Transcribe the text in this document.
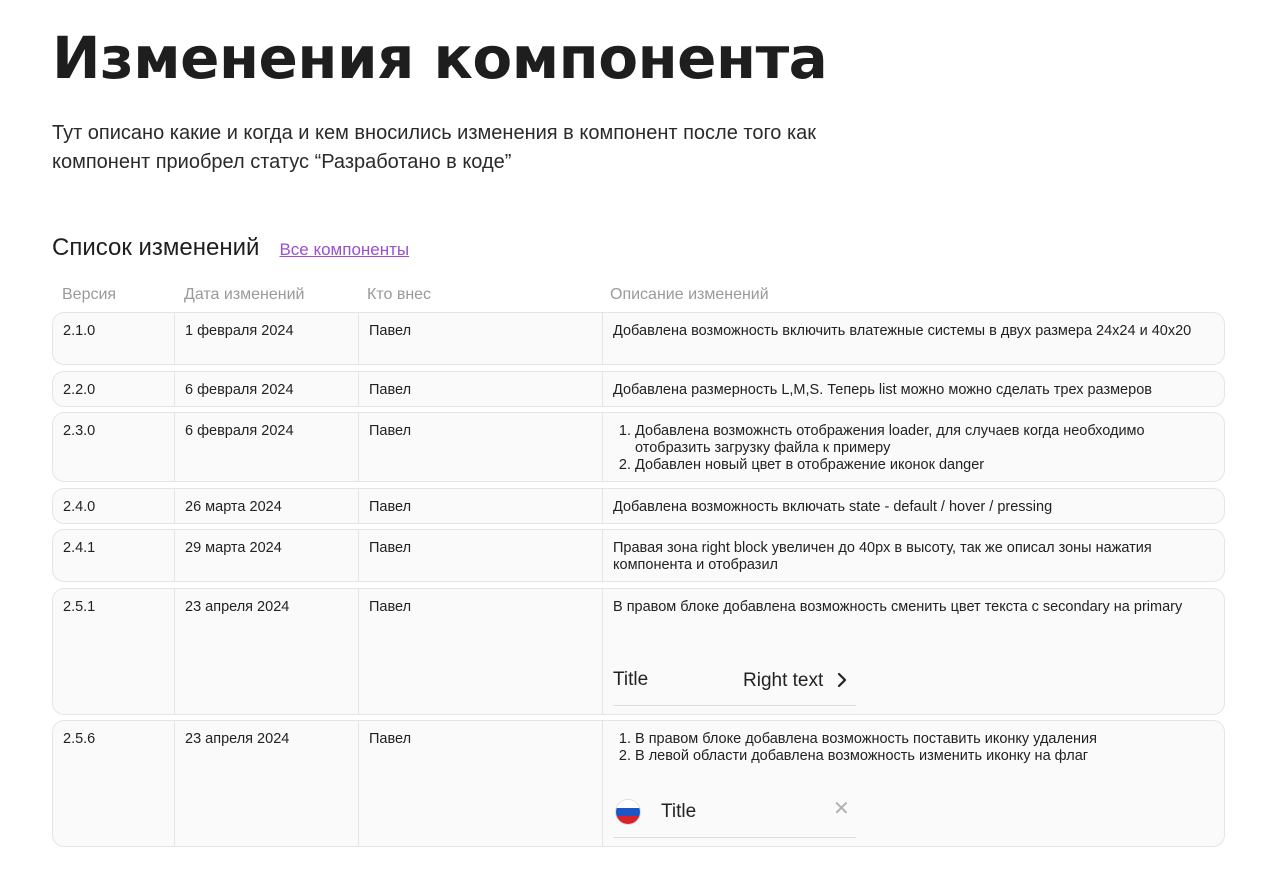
Изменения компонента

Тут описано какие и когда и кем вносились изменения в компонент после того как компонент приобрел статус “Разработано в коде”

Список изменений Все компоненты
Версия	Дата изменений	Кто внес	Описание изменений
2.1.0	1 февраля 2024	Павел	Добавлена возможность включить влатежные системы в двух размера 24х24 и 40х20
2.2.0	6 февраля 2024	Павел	Добавлена размерность L,M,S. Теперь list можно можно сделать трех размеров
2.3.0	6 февраля 2024	Павел	1. Добавлена возможнсть отображения loader, для случаев когда необходимо отобразить загрузку файла к примеру
2. Добавлен новый цвет в отображение иконок danger
2.4.0	26 марта 2024	Павел	Добавлена возможность включать state - default / hover / pressing
2.4.1	29 марта 2024	Павел	Правая зона right block увеличен до 40px в высоту, так же описал зоны нажатия компонента и отобразил
2.5.1	23 апреля 2024	Павел	В правом блоке добавлена возможность сменить цвет текста с secondary на primary
Title	Right text
2.5.6	23 апреля 2024	Павел	1. В правом блоке добавлена возможность поставить иконку удаления
2. В левой области добавлена возможность изменить иконку на флаг
Title	✕
